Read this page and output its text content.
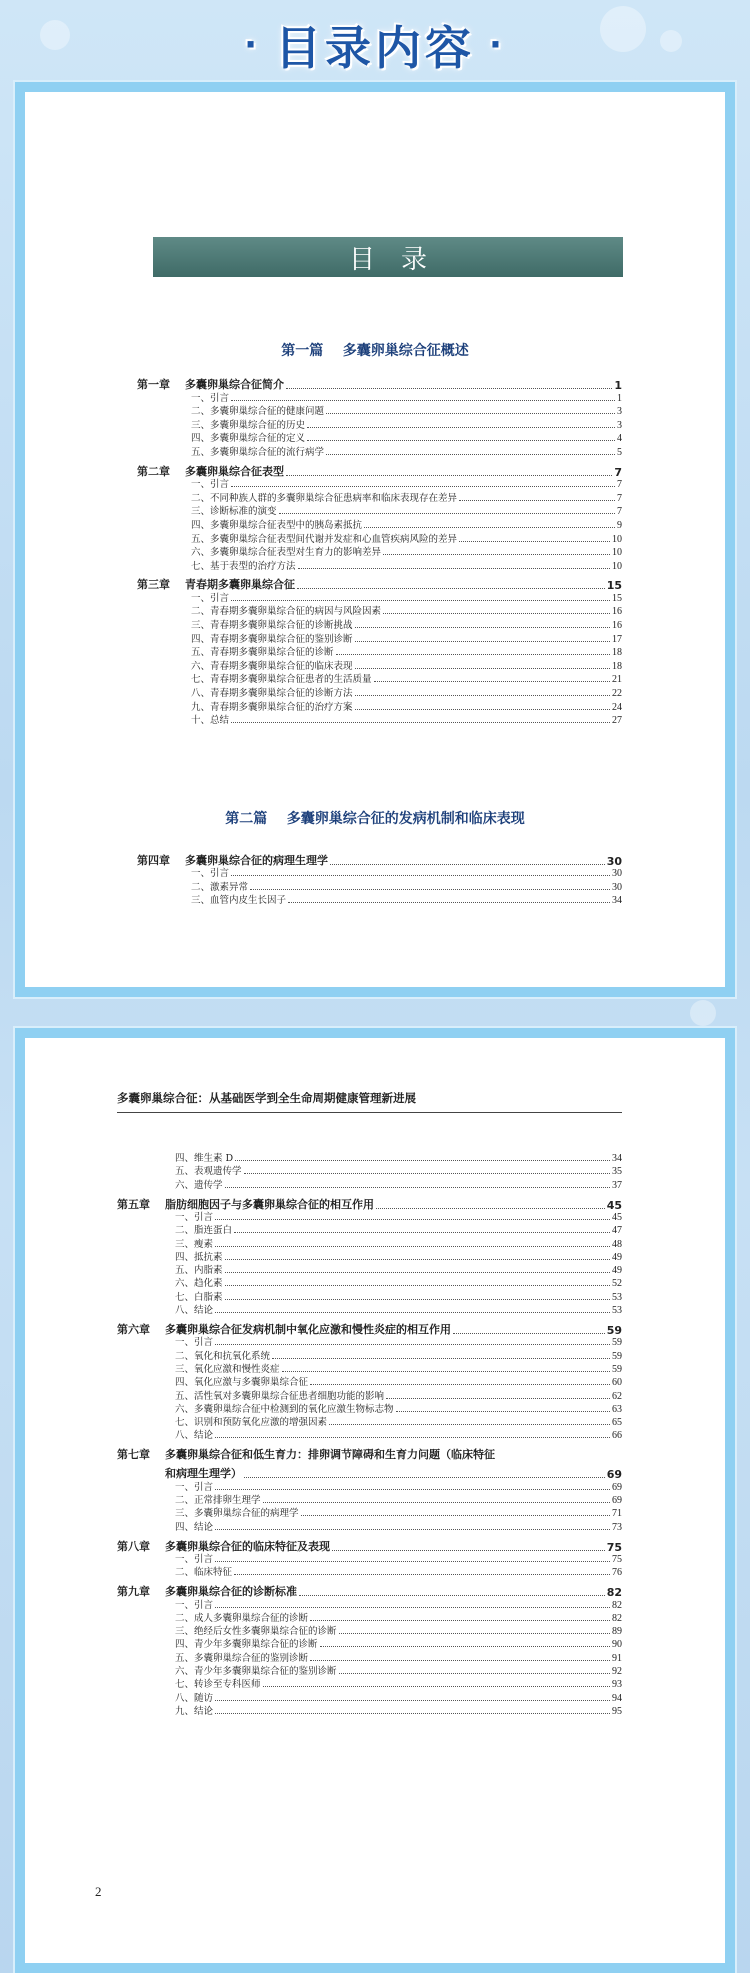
· 目录内容 ·
目录
第一篇 多囊卵巢综合征概述
第二篇 多囊卵巢综合征的发病机制和临床表现
第一章	多囊卵巢综合征简介	1
一、引言	1
二、多囊卵巢综合征的健康问题	3
三、多囊卵巢综合征的历史	3
四、多囊卵巢综合征的定义	4
五、多囊卵巢综合征的流行病学	5
第二章	多囊卵巢综合征表型	7
一、引言	7
二、不同种族人群的多囊卵巢综合征患病率和临床表现存在差异	7
三、诊断标准的演变	7
四、多囊卵巢综合征表型中的胰岛素抵抗	9
五、多囊卵巢综合征表型间代谢并发症和心血管疾病风险的差异	10
六、多囊卵巢综合征表型对生育力的影响差异	10
七、基于表型的治疗方法	10
第三章	青春期多囊卵巢综合征	15
一、引言	15
二、青春期多囊卵巢综合征的病因与风险因素	16
三、青春期多囊卵巢综合征的诊断挑战	16
四、青春期多囊卵巢综合征的鉴别诊断	17
五、青春期多囊卵巢综合征的诊断	18
六、青春期多囊卵巢综合征的临床表现	18
七、青春期多囊卵巢综合征患者的生活质量	21
八、青春期多囊卵巢综合征的诊断方法	22
九、青春期多囊卵巢综合征的治疗方案	24
十、总结	27
第四章	多囊卵巢综合征的病理生理学	30
一、引言	30
二、激素异常	30
三、血管内皮生长因子	34
多囊卵巢综合征：从基础医学到全生命周期健康管理新进展
2
四、维生素 D	34
五、表观遗传学	35
六、遗传学	37
第五章	脂肪细胞因子与多囊卵巢综合征的相互作用	45
一、引言	45
二、脂连蛋白	47
三、瘦素	48
四、抵抗素	49
五、内脂素	49
六、趋化素	52
七、白脂素	53
八、结论	53
第六章	多囊卵巢综合征发病机制中氧化应激和慢性炎症的相互作用	59
一、引言	59
二、氧化和抗氧化系统	59
三、氧化应激和慢性炎症	59
四、氧化应激与多囊卵巢综合征	60
五、活性氧对多囊卵巢综合征患者细胞功能的影响	62
六、多囊卵巢综合征中检测到的氧化应激生物标志物	63
七、识别和预防氧化应激的增强因素	65
八、结论	66
第七章	多囊卵巢综合征和低生育力：排卵调节障碍和生育力问题（临床特征
和病理生理学）	69
一、引言	69
二、正常排卵生理学	69
三、多囊卵巢综合征的病理学	71
四、结论	73
第八章	多囊卵巢综合征的临床特征及表现	75
一、引言	75
二、临床特征	76
第九章	多囊卵巢综合征的诊断标准	82
一、引言	82
二、成人多囊卵巢综合征的诊断	82
三、绝经后女性多囊卵巢综合征的诊断	89
四、青少年多囊卵巢综合征的诊断	90
五、多囊卵巢综合征的鉴别诊断	91
六、青少年多囊卵巢综合征的鉴别诊断	92
七、转诊至专科医师	93
八、随访	94
九、结论	95
